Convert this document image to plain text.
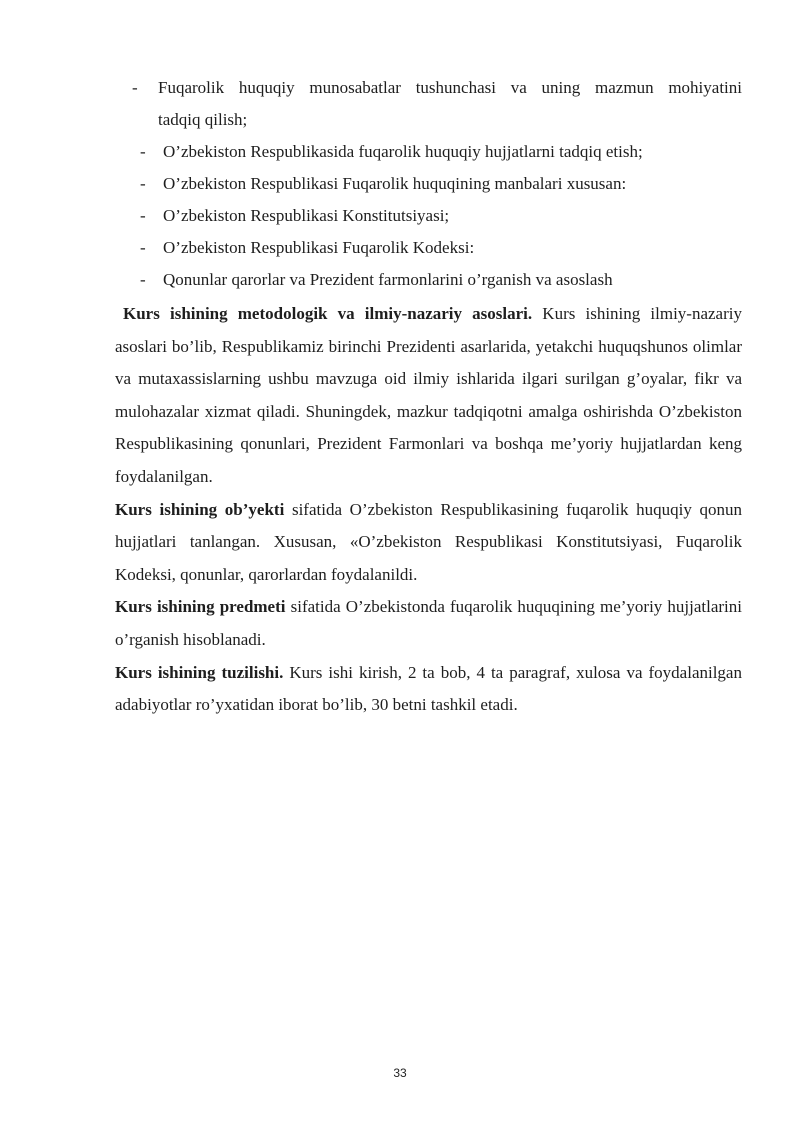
- Fuqarolik huquqiy munosabatlar tushunchasi va uning mazmun mohiyatini
tadqiq qilish;
- O’zbekiston Respublikasida fuqarolik huquqiy hujjatlarni tadqiq etish;
- O’zbekiston Respublikasi Fuqarolik huquqining manbalari xususan:
- O’zbekiston Respublikasi Konstitutsiyasi;
- O’zbekiston Respublikasi Fuqarolik Kodeksi:
- Qonunlar qarorlar va Prezident farmonlarini o’rganish va asoslash

Kurs ishining metodologik va ilmiy-nazariy asoslari. Kurs ishining ilmiy-nazariy asoslari bo’lib, Respublikamiz birinchi Prezidenti asarlarida, yetakchi huquqshunos olimlar va mutaxassislarning ushbu mavzuga oid ilmiy ishlarida ilgari surilgan g’oyalar, fikr va mulohazalar xizmat qiladi. Shuningdek, mazkur tadqiqotni amalga oshirishda O’zbekiston Respublikasining qonunlari, Prezident Farmonlari va boshqa me’yoriy hujjatlardan keng foydalanilgan.

Kurs ishining ob’yekti sifatida O’zbekiston Respublikasining fuqarolik huquqiy qonun hujjatlari tanlangan. Xususan, «O’zbekiston Respublikasi Konstitutsiyasi, Fuqarolik Kodeksi, qonunlar, qarorlardan foydalanildi.

Kurs ishining predmeti sifatida O’zbekistonda fuqarolik huquqining me’yoriy hujjatlarini o’rganish hisoblanadi.

Kurs ishining tuzilishi. Kurs ishi kirish, 2 ta bob, 4 ta paragraf, xulosa va foydalanilgan adabiyotlar ro’yxatidan iborat bo’lib, 30 betni tashkil etadi.

33
